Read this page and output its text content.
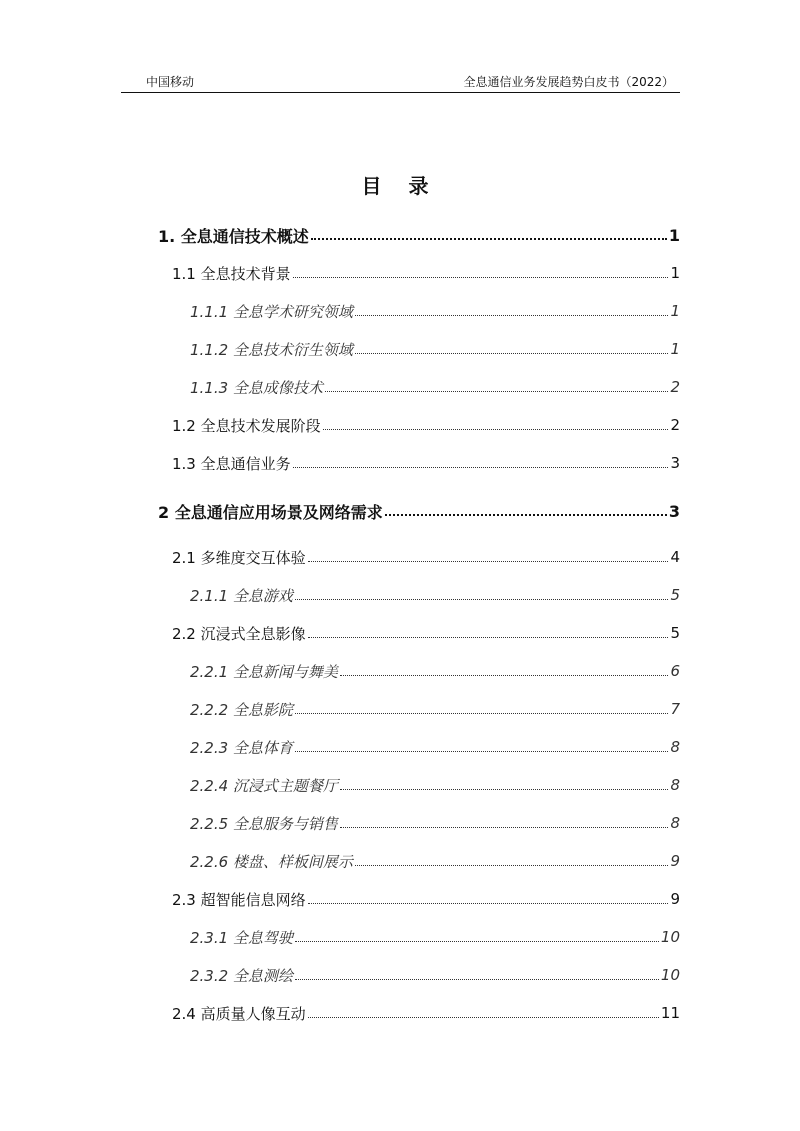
中国移动	全息通信业务发展趋势白皮书（2022）
目 录
1. 全息通信技术概述	1
1.1 全息技术背景	1
1.1.1 全息学术研究领域	1
1.1.2 全息技术衍生领域	1
1.1.3 全息成像技术	2
1.2 全息技术发展阶段	2
1.3 全息通信业务	3
2 全息通信应用场景及网络需求	3
2.1 多维度交互体验	4
2.1.1 全息游戏	5
2.2 沉浸式全息影像	5
2.2.1 全息新闻与舞美	6
2.2.2 全息影院	7
2.2.3 全息体育	8
2.2.4 沉浸式主题餐厅	8
2.2.5 全息服务与销售	8
2.2.6 楼盘、样板间展示	9
2.3 超智能信息网络	9
2.3.1 全息驾驶	10
2.3.2 全息测绘	10
2.4 高质量人像互动	11
